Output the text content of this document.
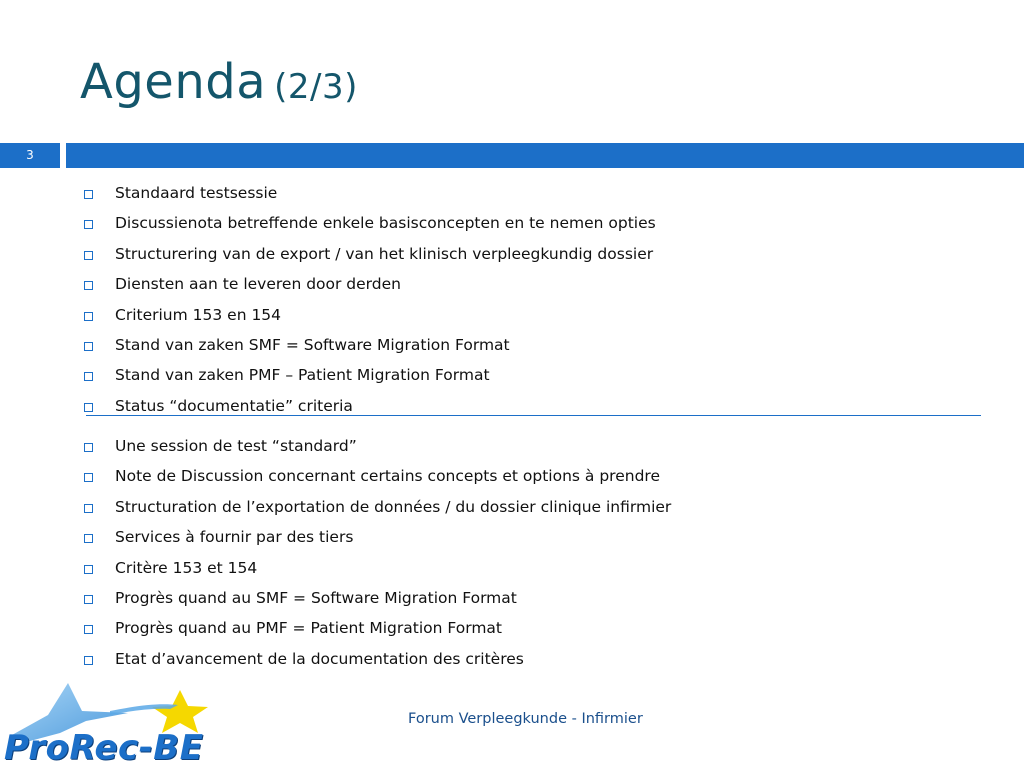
Agenda (2/3)
3
Standaard testsessie
Discussienota betreffende enkele basisconcepten en te nemen opties
Structurering van de export / van het klinisch verpleegkundig dossier
Diensten aan te leveren door derden
Criterium 153 en 154
Stand van zaken SMF = Software Migration Format
Stand van zaken PMF – Patient Migration Format
Status “documentatie” criteria
Une session de test “standard”
Note de Discussion concernant certains concepts et options à prendre
Structuration de l’exportation de données / du dossier clinique infirmier
Services à fournir par des tiers
Critère 153 et 154
Progrès quand au SMF = Software Migration Format
Progrès quand au PMF = Patient Migration Format
Etat d’avancement de la documentation des critères
ProRec-BE
Forum Verpleegkunde - Infirmier
